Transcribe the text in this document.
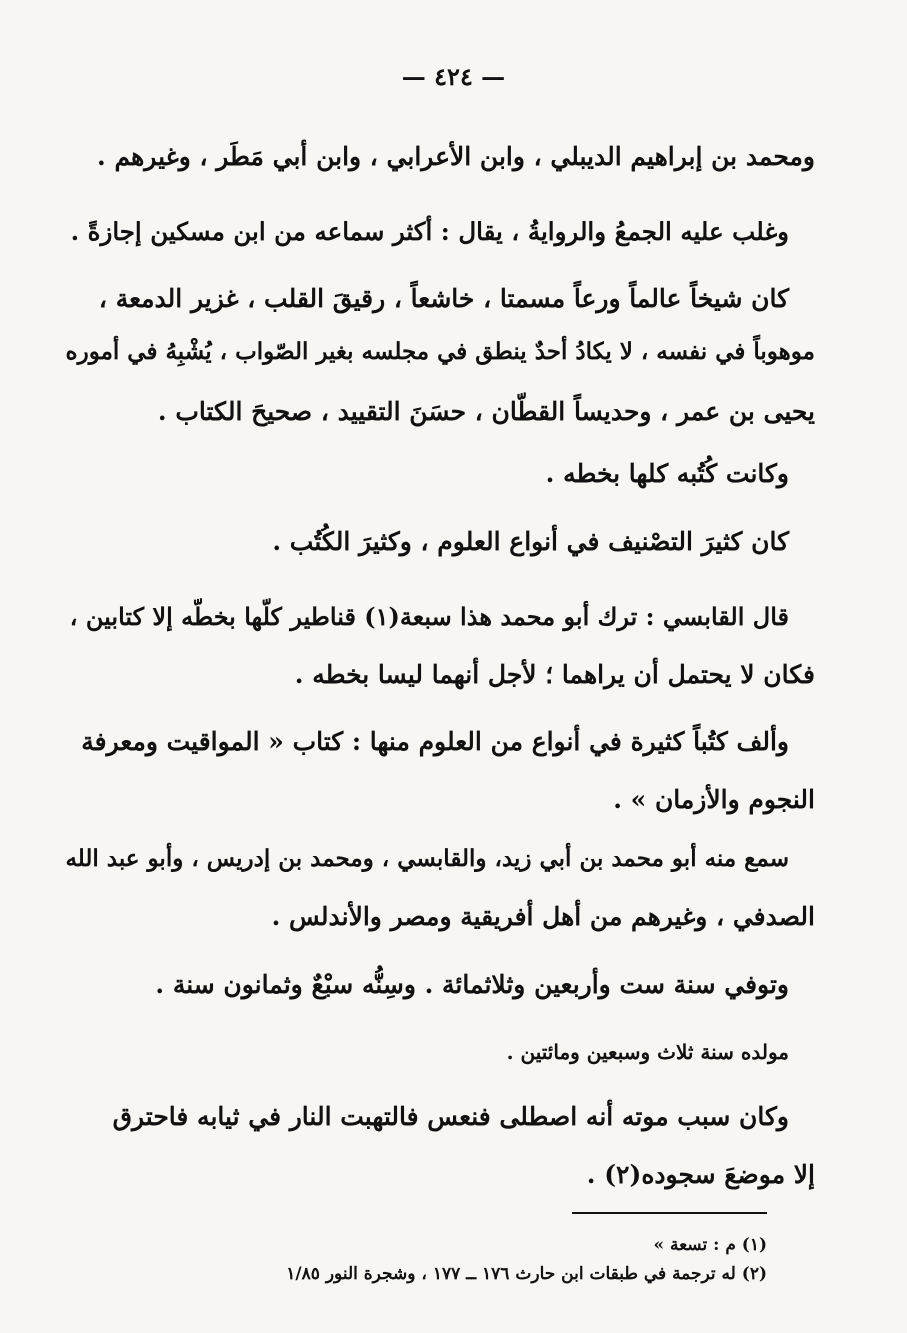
— ٤٢٤ —
ومحمد بن إبراهيم الديبلي ، وابن الأعرابي ، وابن أبي مَطَر ، وغيرهم .
وغلب عليه الجمعُ والروايةُ ، يقال : أكثر سماعه من ابن مسكين إجازةً .
كان شيخاً عالماً ورعاً مسمتا ، خاشعاً ، رقيقَ القلب ، غزير الدمعة ،
موهوباً في نفسه ، لا يكادُ أحدٌ ينطق في مجلسه بغير الصّواب ، يُشْبِهُ في أموره
يحيى بن عمر ، وحديساً القطّان ، حسَنَ التقييد ، صحيحَ الكتاب .
وكانت كُتُبه كلها بخطه .
كان كثيرَ التصْنيف في أنواع العلوم ، وكثيرَ الكُتُب .
قال القابسي : ترك أبو محمد هذا سبعة(١) قناطير كلّها بخطّه إلا كتابين ،
فكان لا يحتمل أن يراهما ؛ لأجل أنهما ليسا بخطه .
وألف كتُباً كثيرة في أنواع من العلوم منها : كتاب « المواقيت ومعرفة
النجوم والأزمان » .
سمع منه أبو محمد بن أبي زيد، والقابسي ، ومحمد بن إدريس ، وأبو عبد الله
الصدفي ، وغيرهم من أهل أفريقية ومصر والأندلس .
وتوفي سنة ست وأربعين وثلاثمائة . وسِنُّه سبْعٌ وثمانون سنة .
مولده سنة ثلاث وسبعين ومائتين .
وكان سبب موته أنه اصطلى فنعس فالتهبت النار في ثيابه فاحترق
إلا موضعَ سجوده(٢) .
(١) م : تسعة »
(٢) له ترجمة في طبقات ابن حارث ١٧٦ ــ ١٧٧ ، وشجرة النور ١/٨٥
